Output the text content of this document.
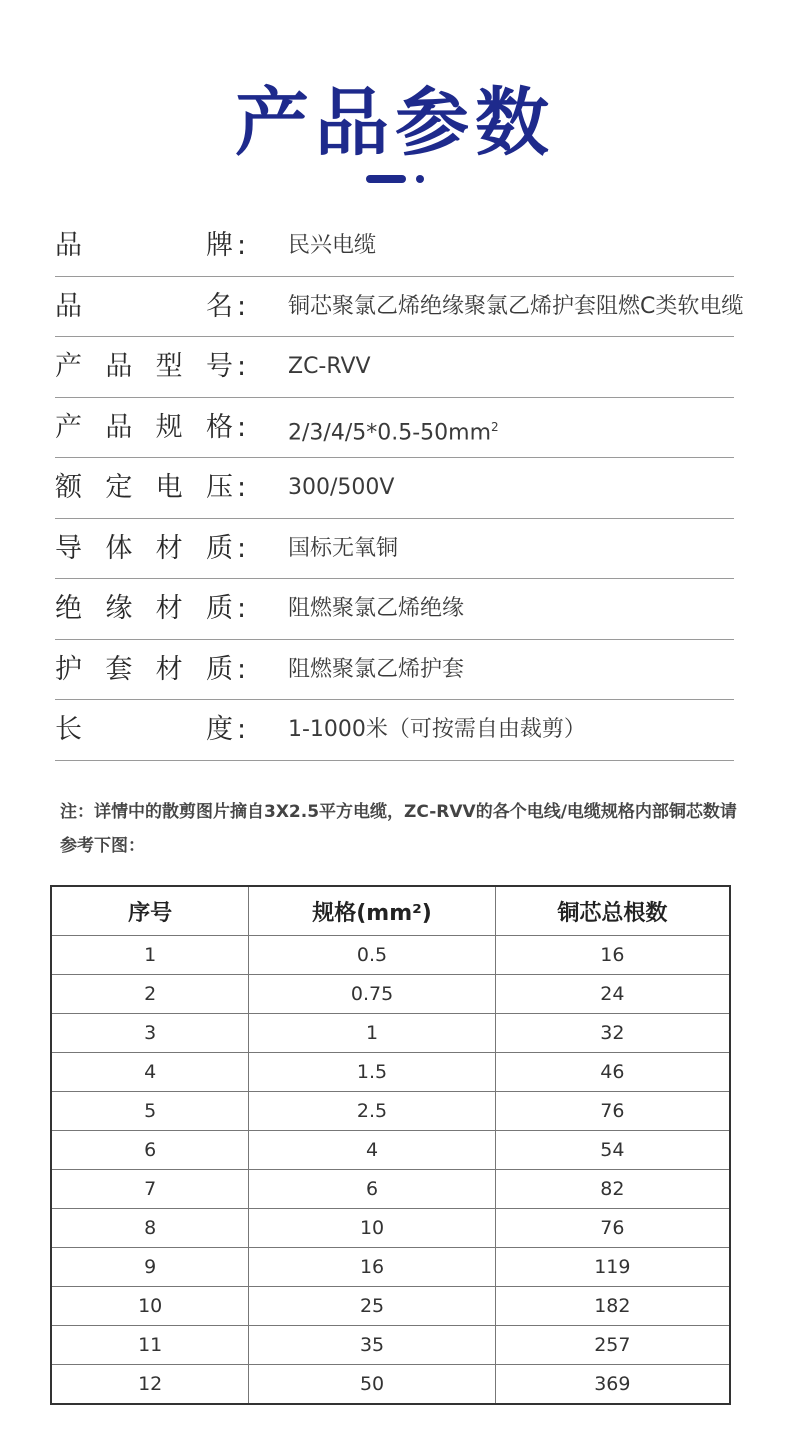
产品参数
品牌 : 民兴电缆
品名 : 铜芯聚氯乙烯绝缘聚氯乙烯护套阻燃C类软电缆
产品型号 : ZC-RVV
产品规格 : $2/3/4/5*0.5-50mm^2$
额定电压 : 300/500V
导体材质 : 国标无氧铜
绝缘材质 : 阻燃聚氯乙烯绝缘
护套材质 : 阻燃聚氯乙烯护套
长度 : 1-1000米（可按需自由裁剪）

注：详情中的散剪图片摘自3X2.5平方电缆，ZC-RVV的各个电线/电缆规格内部铜芯数请参考下图：

序号	规格(mm²)	铜芯总根数
1	0.5	16
2	0.75	24
3	1	32
4	1.5	46
5	2.5	76
6	4	54
7	6	82
8	10	76
9	16	119
10	25	182
11	35	257
12	50	369
